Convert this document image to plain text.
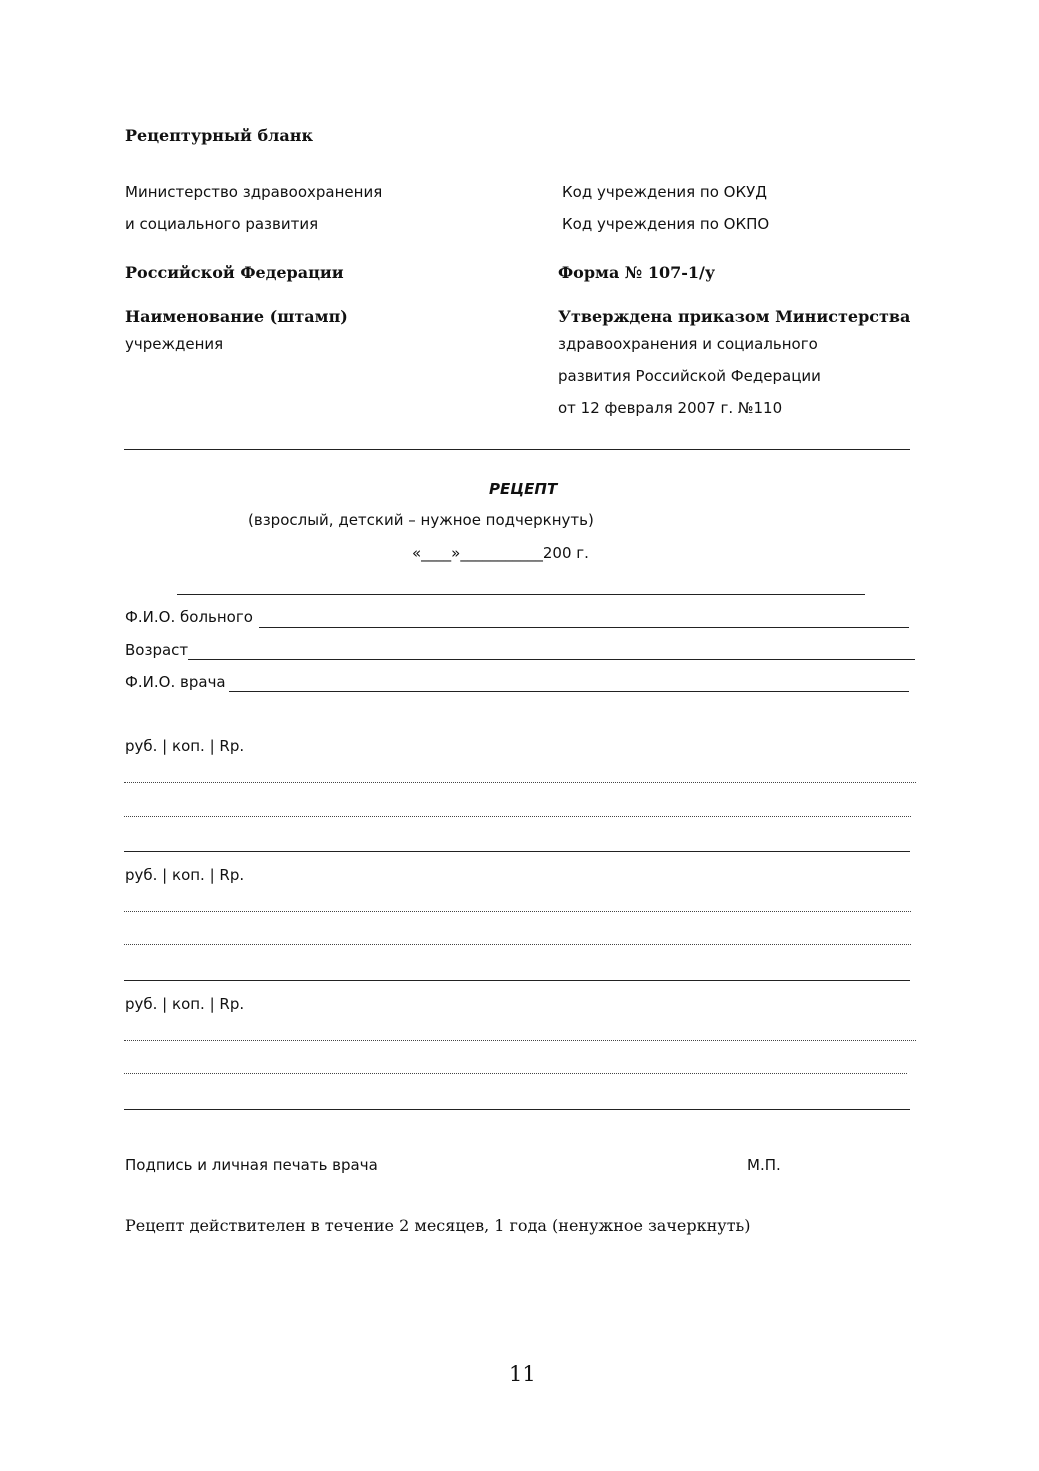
Рецептурный бланк
Министерство здравоохранения
и социального развития
Российской Федерации
Код учреждения по ОКУД
Код учреждения по ОКПО
Форма № 107-1/у
Наименование (штамп)
учреждения
Утверждена приказом Министерства
здравоохранения и социального
развития Российской Федерации
от 12 февраля 2007 г. №110
РЕЦЕПТ
(взрослый, детский – нужное подчеркнуть)
«____»___________200 г.
Ф.И.О. больного
Возраст
Ф.И.О. врача
руб. | коп. | Rp.
руб. | коп. | Rp.
руб. | коп. | Rp.
Подпись и личная печать врача	М.П.
Рецепт действителен в течение 2 месяцев, 1 года (ненужное зачеркнуть)
11
